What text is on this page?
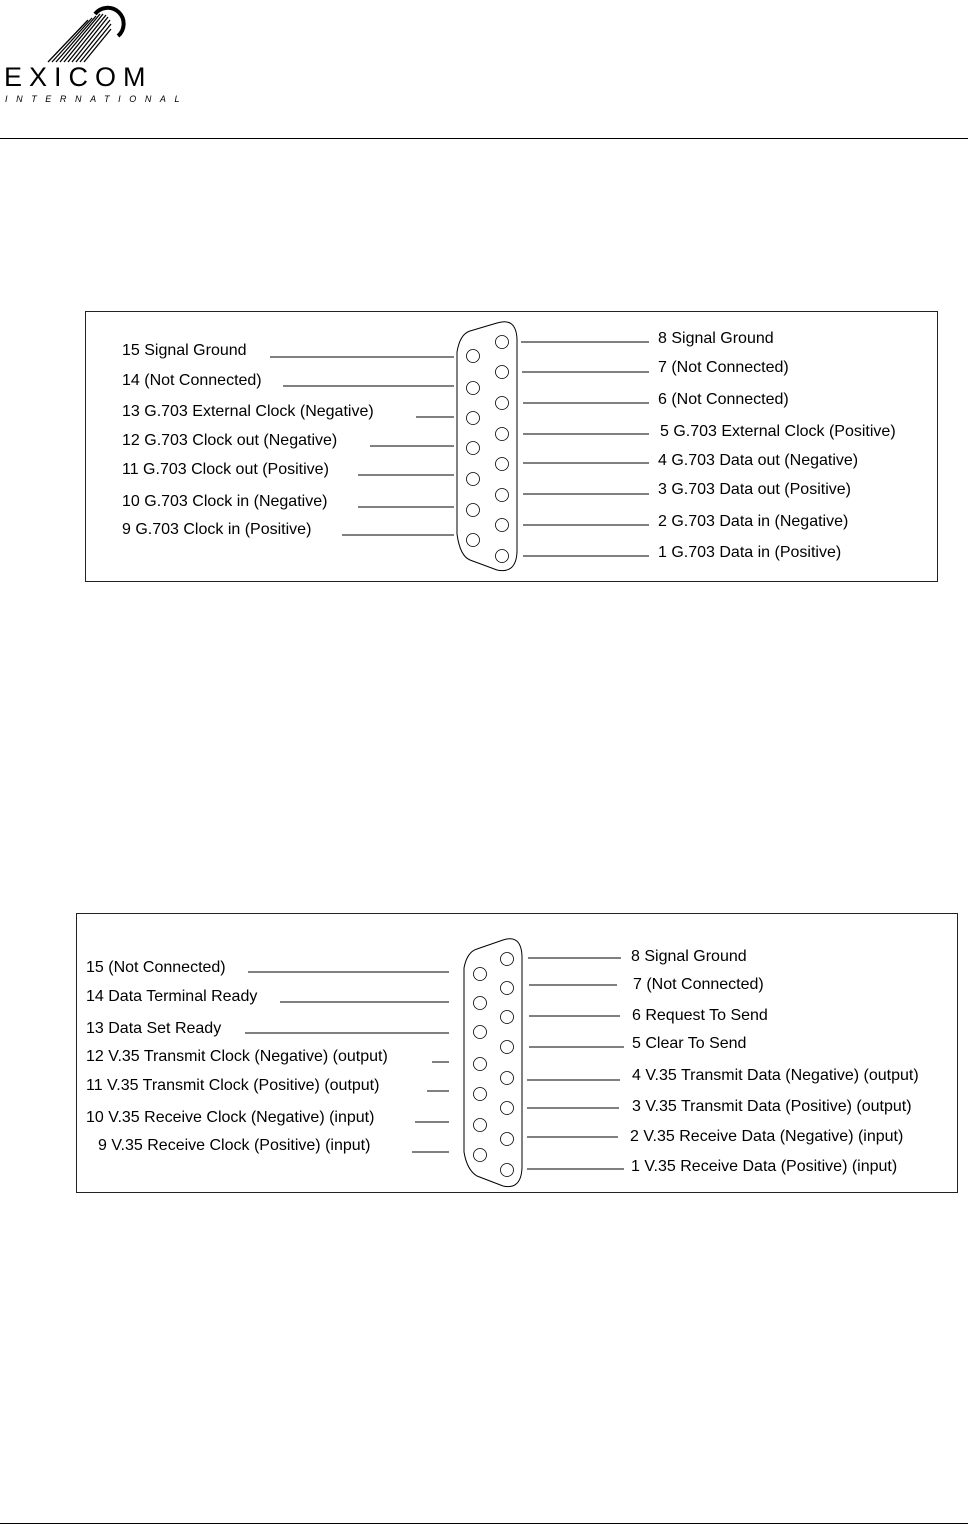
EXICOM
INTERNATIONAL
15 Signal Ground
14 (Not Connected)
13 G.703 External Clock (Negative)
12 G.703 Clock out (Negative)
11 G.703 Clock out (Positive)
10 G.703 Clock in (Negative)
9 G.703 Clock in (Positive)
8 Signal Ground
7 (Not Connected)
6 (Not Connected)
5 G.703 External Clock (Positive)
4 G.703 Data out (Negative)
3 G.703 Data out (Positive)
2 G.703 Data in (Negative)
1 G.703 Data in (Positive)
15 (Not Connected)
14 Data Terminal Ready
13 Data Set Ready
12 V.35 Transmit Clock (Negative) (output)
11 V.35 Transmit Clock (Positive) (output)
10 V.35 Receive Clock (Negative) (input)
9 V.35 Receive Clock (Positive) (input)
8 Signal Ground
7 (Not Connected)
6 Request To Send
5 Clear To Send
4 V.35 Transmit Data (Negative) (output)
3 V.35 Transmit Data (Positive) (output)
2 V.35 Receive Data (Negative) (input)
1 V.35 Receive Data (Positive) (input)
